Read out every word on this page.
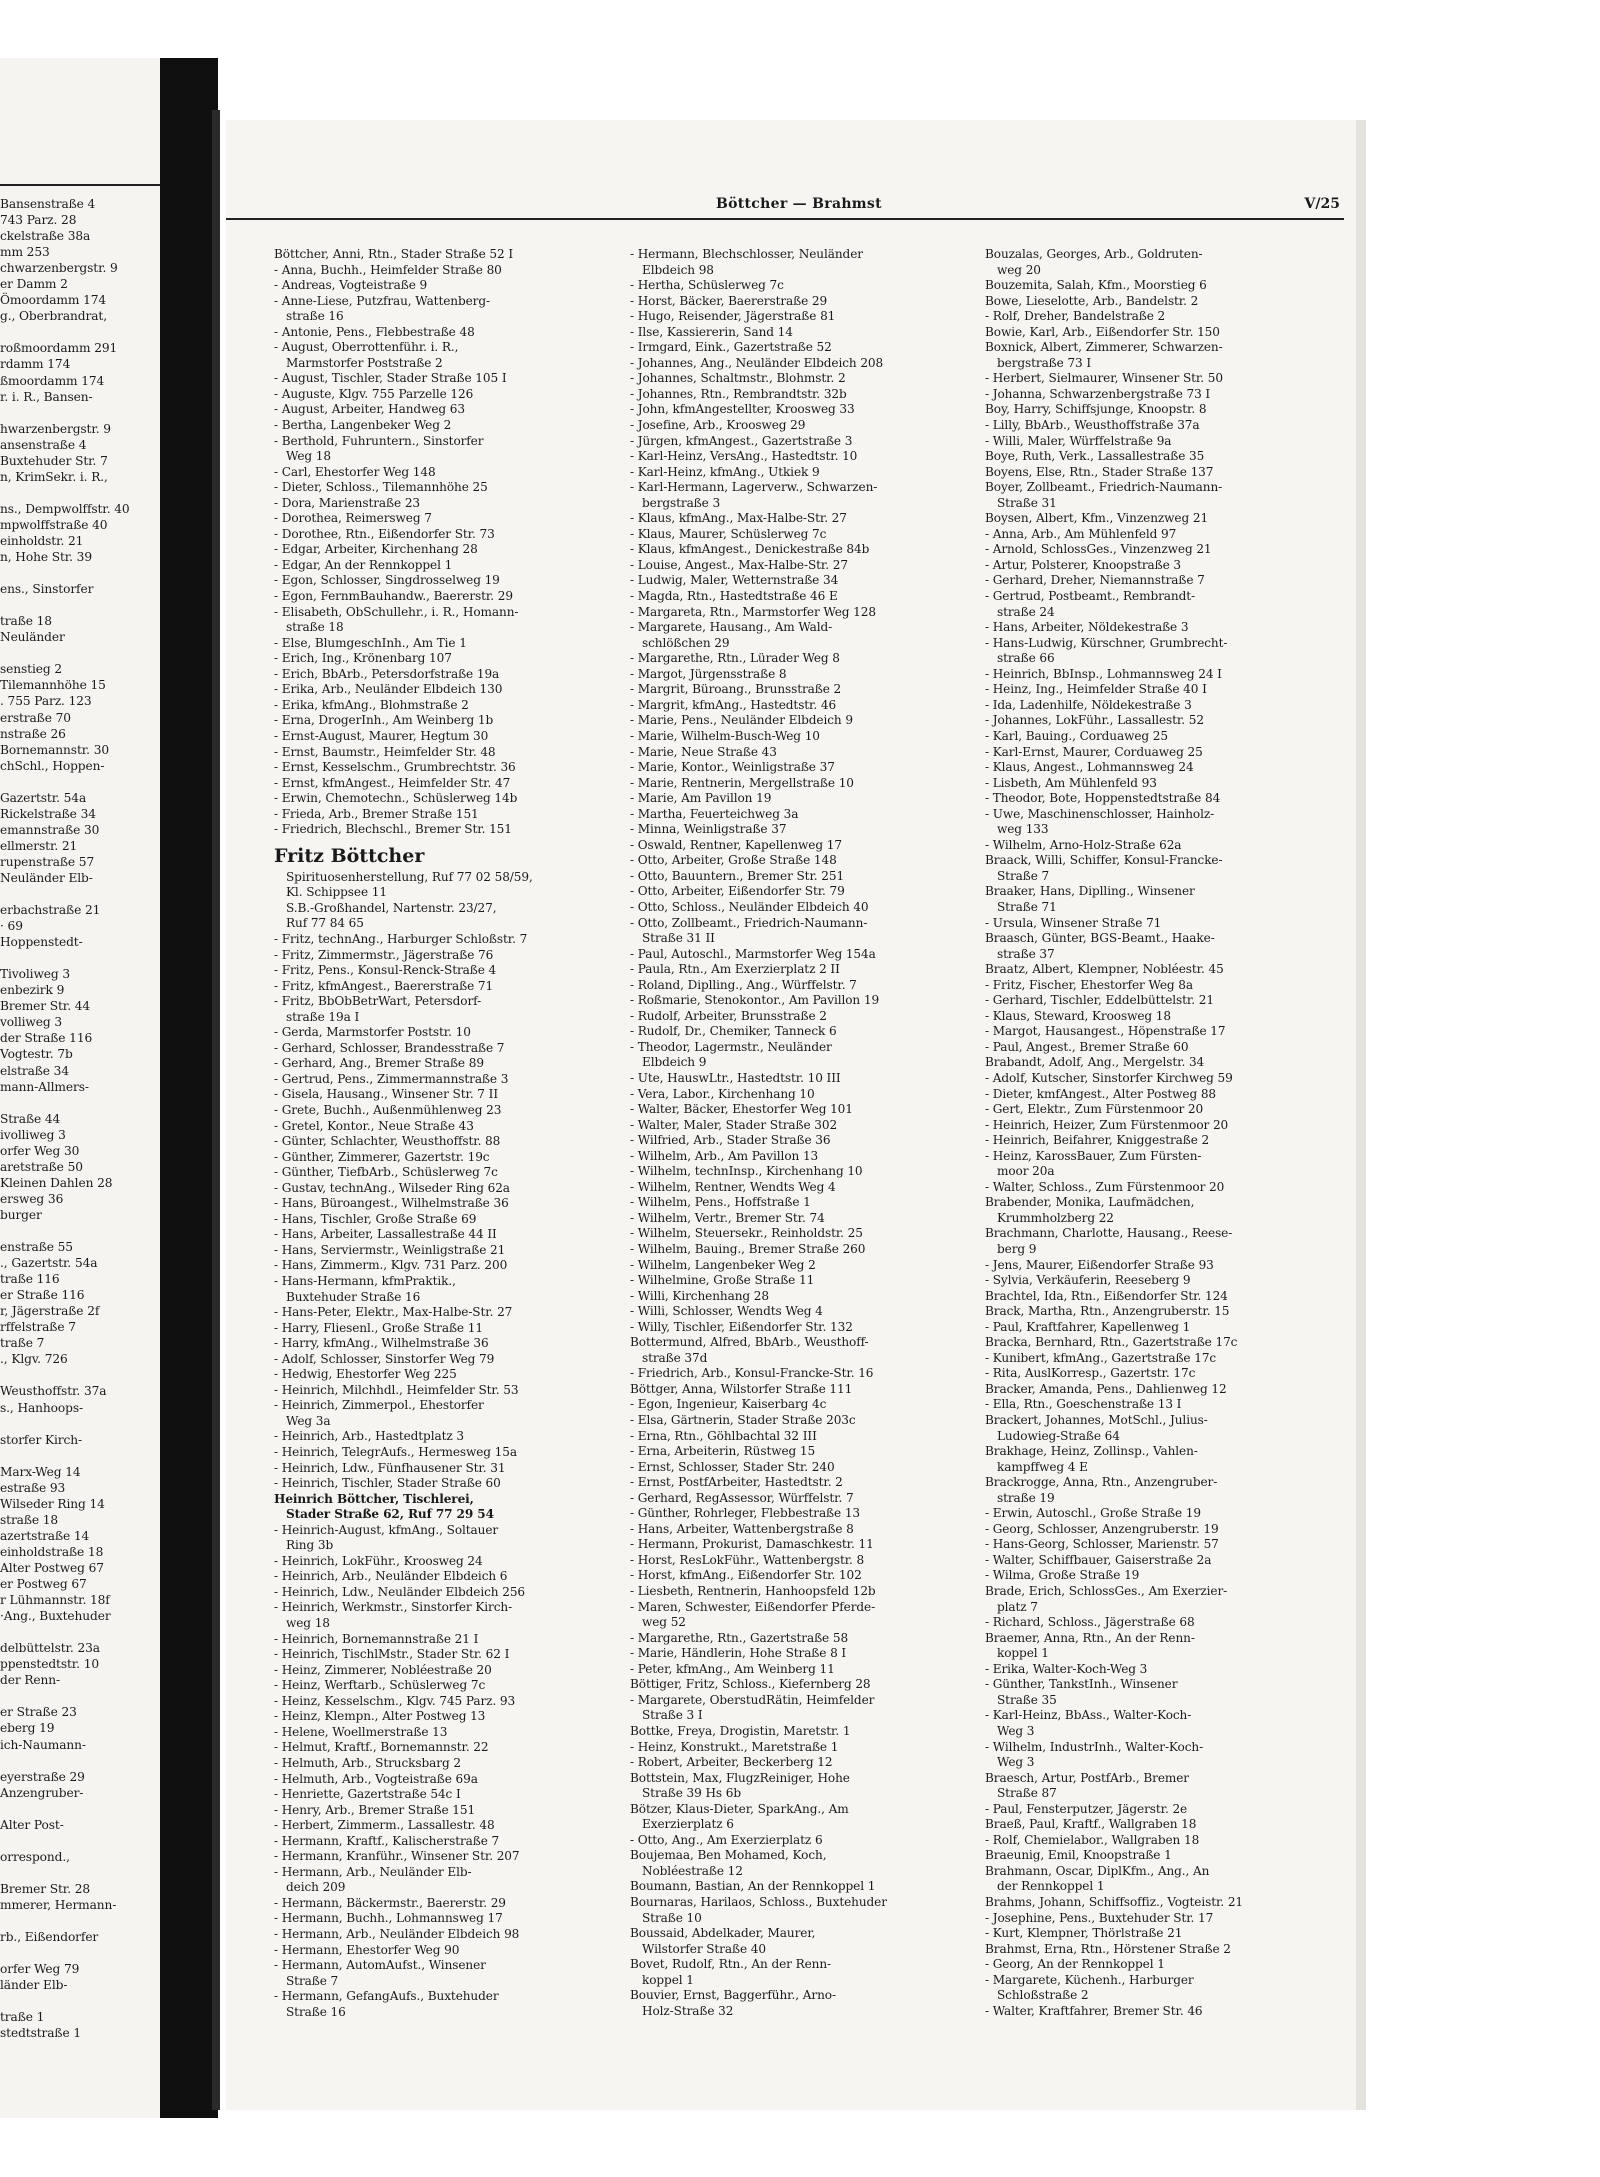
Bansenstraße 4
743 Parz. 28
ckelstraße 38a
mm 253
chwarzenbergstr. 9
er Damm 2
Ömoordamm 174
g., Oberbrandrat,

roßmoordamm 291
rdamm 174
ßmoordamm 174
r. i. R., Bansen-

hwarzenbergstr. 9
ansenstraße 4
Buxtehuder Str. 7
n, KrimSekr. i. R.,

ns., Dempwolffstr. 40
mpwolffstraße 40
einholdstr. 21
n, Hohe Str. 39

ens., Sinstorfer

traße 18
Neuländer

senstieg 2
Tilemannhöhe 15
. 755 Parz. 123
erstraße 70
nstraße 26
Bornemannstr. 30
chSchl., Hoppen-

Gazertstr. 54a
Rickelstraße 34
emannstraße 30
ellmerstr. 21
rupenstraße 57
Neuländer Elb-

erbachstraße 21
· 69
Hoppenstedt-

Tivoliweg 3
enbezirk 9
Bremer Str. 44
volliweg 3
der Straße 116
Vogtestr. 7b
elstraße 34
mann-Allmers-

Straße 44
ivolliweg 3
orfer Weg 30
aretstraße 50
Kleinen Dahlen 28
ersweg 36
burger

enstraße 55
., Gazertstr. 54a
traße 116
er Straße 116
r, Jägerstraße 2f
rffelstraße 7
traße 7
., Klgv. 726

Weusthoffstr. 37a
s., Hanhoops-

storfer Kirch-

Marx-Weg 14
estraße 93
Wilseder Ring 14
straße 18
azertstraße 14
einholdstraße 18
Alter Postweg 67
er Postweg 67
r Lühmannstr. 18f
·Ang., Buxtehuder

delbüttelstr. 23a
ppenstedtstr. 10
der Renn-

er Straße 23
eberg 19
ich-Naumann-

eyerstraße 29
Anzengruber-

Alter Post-

orrespond.,

Bremer Str. 28
mmerer, Hermann-

rb., Eißendorfer

orfer Weg 79
länder Elb-

traße 1
stedtstraße 1
Böttcher — Brahmst	V/25
Böttcher, Anni, Rtn., Stader Straße 52 I
- Anna, Buchh., Heimfelder Straße 80
- Andreas, Vogteistraße 9
- Anne-Liese, Putzfrau, Wattenberg-
straße 16
- Antonie, Pens., Flebbestraße 48
- August, Oberrottenführ. i. R.,
Marmstorfer Poststraße 2
- August, Tischler, Stader Straße 105 I
- Auguste, Klgv. 755 Parzelle 126
- August, Arbeiter, Handweg 63
- Bertha, Langenbeker Weg 2
- Berthold, Fuhruntern., Sinstorfer
Weg 18
- Carl, Ehestorfer Weg 148
- Dieter, Schloss., Tilemannhöhe 25
- Dora, Marienstraße 23
- Dorothea, Reimersweg 7
- Dorothee, Rtn., Eißendorfer Str. 73
- Edgar, Arbeiter, Kirchenhang 28
- Edgar, An der Rennkoppel 1
- Egon, Schlosser, Singdrosselweg 19
- Egon, FernmBauhandw., Baererstr. 29
- Elisabeth, ObSchullehr., i. R., Homann-
straße 18
- Else, BlumgeschInh., Am Tie 1
- Erich, Ing., Krönenbarg 107
- Erich, BbArb., Petersdorfstraße 19a
- Erika, Arb., Neuländer Elbdeich 130
- Erika, kfmAng., Blohmstraße 2
- Erna, DrogerInh., Am Weinberg 1b
- Ernst-August, Maurer, Hegtum 30
- Ernst, Baumstr., Heimfelder Str. 48
- Ernst, Kesselschm., Grumbrechtstr. 36
- Ernst, kfmAngest., Heimfelder Str. 47
- Erwin, Chemotechn., Schüslerweg 14b
- Frieda, Arb., Bremer Straße 151
- Friedrich, Blechschl., Bremer Str. 151
Fritz Böttcher
Spirituosenherstellung, Ruf 77 02 58/59,
Kl. Schippsee 11
S.B.-Großhandel, Nartenstr. 23/27,
Ruf 77 84 65
- Fritz, technAng., Harburger Schloßstr. 7
- Fritz, Zimmermstr., Jägerstraße 76
- Fritz, Pens., Konsul-Renck-Straße 4
- Fritz, kfmAngest., Baererstraße 71
- Fritz, BbObBetrWart, Petersdorf-
straße 19a I
- Gerda, Marmstorfer Poststr. 10
- Gerhard, Schlosser, Brandesstraße 7
- Gerhard, Ang., Bremer Straße 89
- Gertrud, Pens., Zimmermannstraße 3
- Gisela, Hausang., Winsener Str. 7 II
- Grete, Buchh., Außenmühlenweg 23
- Gretel, Kontor., Neue Straße 43
- Günter, Schlachter, Weusthoffstr. 88
- Günther, Zimmerer, Gazertstr. 19c
- Günther, TiefbArb., Schüslerweg 7c
- Gustav, technAng., Wilseder Ring 62a
- Hans, Büroangest., Wilhelmstraße 36
- Hans, Tischler, Große Straße 69
- Hans, Arbeiter, Lassallestraße 44 II
- Hans, Serviermstr., Weinligstraße 21
- Hans, Zimmerm., Klgv. 731 Parz. 200
- Hans-Hermann, kfmPraktik.,
Buxtehuder Straße 16
- Hans-Peter, Elektr., Max-Halbe-Str. 27
- Harry, Fliesenl., Große Straße 11
- Harry, kfmAng., Wilhelmstraße 36
- Adolf, Schlosser, Sinstorfer Weg 79
- Hedwig, Ehestorfer Weg 225
- Heinrich, Milchhdl., Heimfelder Str. 53
- Heinrich, Zimmerpol., Ehestorfer
Weg 3a
- Heinrich, Arb., Hastedtplatz 3
- Heinrich, TelegrAufs., Hermesweg 15a
- Heinrich, Ldw., Fünfhausener Str. 31
- Heinrich, Tischler, Stader Straße 60
Heinrich Böttcher, Tischlerei,
Stader Straße 62, Ruf 77 29 54
- Heinrich-August, kfmAng., Soltauer
Ring 3b
- Heinrich, LokFühr., Kroosweg 24
- Heinrich, Arb., Neuländer Elbdeich 6
- Heinrich, Ldw., Neuländer Elbdeich 256
- Heinrich, Werkmstr., Sinstorfer Kirch-
weg 18
- Heinrich, Bornemannstraße 21 I
- Heinrich, TischlMstr., Stader Str. 62 I
- Heinz, Zimmerer, Nobléestraße 20
- Heinz, Werftarb., Schüslerweg 7c
- Heinz, Kesselschm., Klgv. 745 Parz. 93
- Heinz, Klempn., Alter Postweg 13
- Helene, Woellmerstraße 13
- Helmut, Kraftf., Bornemannstr. 22
- Helmuth, Arb., Strucksbarg 2
- Helmuth, Arb., Vogteistraße 69a
- Henriette, Gazertstraße 54c I
- Henry, Arb., Bremer Straße 151
- Herbert, Zimmerm., Lassallestr. 48
- Hermann, Kraftf., Kalischerstraße 7
- Hermann, Kranführ., Winsener Str. 207
- Hermann, Arb., Neuländer Elb-
deich 209
- Hermann, Bäckermstr., Baererstr. 29
- Hermann, Buchh., Lohmannsweg 17
- Hermann, Arb., Neuländer Elbdeich 98
- Hermann, Ehestorfer Weg 90
- Hermann, AutomAufst., Winsener
Straße 7
- Hermann, GefangAufs., Buxtehuder
Straße 16
- Hermann, Blechschlosser, Neuländer
Elbdeich 98
- Hertha, Schüslerweg 7c
- Horst, Bäcker, Baererstraße 29
- Hugo, Reisender, Jägerstraße 81
- Ilse, Kassiererin, Sand 14
- Irmgard, Eink., Gazertstraße 52
- Johannes, Ang., Neuländer Elbdeich 208
- Johannes, Schaltmstr., Blohmstr. 2
- Johannes, Rtn., Rembrandtstr. 32b
- John, kfmAngestellter, Kroosweg 33
- Josefine, Arb., Kroosweg 29
- Jürgen, kfmAngest., Gazertstraße 3
- Karl-Heinz, VersAng., Hastedtstr. 10
- Karl-Heinz, kfmAng., Utkiek 9
- Karl-Hermann, Lagerverw., Schwarzen-
bergstraße 3
- Klaus, kfmAng., Max-Halbe-Str. 27
- Klaus, Maurer, Schüslerweg 7c
- Klaus, kfmAngest., Denickestraße 84b
- Louise, Angest., Max-Halbe-Str. 27
- Ludwig, Maler, Wetternstraße 34
- Magda, Rtn., Hastedtstraße 46 E
- Margareta, Rtn., Marmstorfer Weg 128
- Margarete, Hausang., Am Wald-
schlößchen 29
- Margarethe, Rtn., Lürader Weg 8
- Margot, Jürgensstraße 8
- Margrit, Büroang., Brunsstraße 2
- Margrit, kfmAng., Hastedtstr. 46
- Marie, Pens., Neuländer Elbdeich 9
- Marie, Wilhelm-Busch-Weg 10
- Marie, Neue Straße 43
- Marie, Kontor., Weinligstraße 37
- Marie, Rentnerin, Mergellstraße 10
- Marie, Am Pavillon 19
- Martha, Feuerteichweg 3a
- Minna, Weinligstraße 37
- Oswald, Rentner, Kapellenweg 17
- Otto, Arbeiter, Große Straße 148
- Otto, Bauuntern., Bremer Str. 251
- Otto, Arbeiter, Eißendorfer Str. 79
- Otto, Schloss., Neuländer Elbdeich 40
- Otto, Zollbeamt., Friedrich-Naumann-
Straße 31 II
- Paul, Autoschl., Marmstorfer Weg 154a
- Paula, Rtn., Am Exerzierplatz 2 II
- Roland, Diplling., Ang., Würffelstr. 7
- Roßmarie, Stenokontor., Am Pavillon 19
- Rudolf, Arbeiter, Brunsstraße 2
- Rudolf, Dr., Chemiker, Tanneck 6
- Theodor, Lagermstr., Neuländer
Elbdeich 9
- Ute, HauswLtr., Hastedtstr. 10 III
- Vera, Labor., Kirchenhang 10
- Walter, Bäcker, Ehestorfer Weg 101
- Walter, Maler, Stader Straße 302
- Wilfried, Arb., Stader Straße 36
- Wilhelm, Arb., Am Pavillon 13
- Wilhelm, technInsp., Kirchenhang 10
- Wilhelm, Rentner, Wendts Weg 4
- Wilhelm, Pens., Hoffstraße 1
- Wilhelm, Vertr., Bremer Str. 74
- Wilhelm, Steuersekr., Reinholdstr. 25
- Wilhelm, Bauing., Bremer Straße 260
- Wilhelm, Langenbeker Weg 2
- Wilhelmine, Große Straße 11
- Willi, Kirchenhang 28
- Willi, Schlosser, Wendts Weg 4
- Willy, Tischler, Eißendorfer Str. 132
Bottermund, Alfred, BbArb., Weusthoff-
straße 37d
- Friedrich, Arb., Konsul-Francke-Str. 16
Böttger, Anna, Wilstorfer Straße 111
- Egon, Ingenieur, Kaiserbarg 4c
- Elsa, Gärtnerin, Stader Straße 203c
- Erna, Rtn., Göhlbachtal 32 III
- Erna, Arbeiterin, Rüstweg 15
- Ernst, Schlosser, Stader Str. 240
- Ernst, PostfArbeiter, Hastedtstr. 2
- Gerhard, RegAssessor, Würffelstr. 7
- Günther, Rohrleger, Flebbestraße 13
- Hans, Arbeiter, Wattenbergstraße 8
- Hermann, Prokurist, Damaschkestr. 11
- Horst, ResLokFühr., Wattenbergstr. 8
- Horst, kfmAng., Eißendorfer Str. 102
- Liesbeth, Rentnerin, Hanhoopsfeld 12b
- Maren, Schwester, Eißendorfer Pferde-
weg 52
- Margarethe, Rtn., Gazertstraße 58
- Marie, Händlerin, Hohe Straße 8 I
- Peter, kfmAng., Am Weinberg 11
Böttiger, Fritz, Schloss., Kiefernberg 28
- Margarete, OberstudRätin, Heimfelder
Straße 3 I
Bottke, Freya, Drogistin, Maretstr. 1
- Heinz, Konstrukt., Maretstraße 1
- Robert, Arbeiter, Beckerberg 12
Bottstein, Max, FlugzReiniger, Hohe
Straße 39 Hs 6b
Bötzer, Klaus-Dieter, SparkAng., Am
Exerzierplatz 6
- Otto, Ang., Am Exerzierplatz 6
Boujemaa, Ben Mohamed, Koch,
Nobléestraße 12
Boumann, Bastian, An der Rennkoppel 1
Bournaras, Harilaos, Schloss., Buxtehuder
Straße 10
Boussaid, Abdelkader, Maurer,
Wilstorfer Straße 40
Bovet, Rudolf, Rtn., An der Renn-
koppel 1
Bouvier, Ernst, Baggerführ., Arno-
Holz-Straße 32
Bouzalas, Georges, Arb., Goldruten-
weg 20
Bouzemita, Salah, Kfm., Moorstieg 6
Bowe, Lieselotte, Arb., Bandelstr. 2
- Rolf, Dreher, Bandelstraße 2
Bowie, Karl, Arb., Eißendorfer Str. 150
Boxnick, Albert, Zimmerer, Schwarzen-
bergstraße 73 I
- Herbert, Sielmaurer, Winsener Str. 50
- Johanna, Schwarzenbergstraße 73 I
Boy, Harry, Schiffsjunge, Knoopstr. 8
- Lilly, BbArb., Weusthoffstraße 37a
- Willi, Maler, Würffelstraße 9a
Boye, Ruth, Verk., Lassallestraße 35
Boyens, Else, Rtn., Stader Straße 137
Boyer, Zollbeamt., Friedrich-Naumann-
Straße 31
Boysen, Albert, Kfm., Vinzenzweg 21
- Anna, Arb., Am Mühlenfeld 97
- Arnold, SchlossGes., Vinzenzweg 21
- Artur, Polsterer, Knoopstraße 3
- Gerhard, Dreher, Niemannstraße 7
- Gertrud, Postbeamt., Rembrandt-
straße 24
- Hans, Arbeiter, Nöldekestraße 3
- Hans-Ludwig, Kürschner, Grumbrecht-
straße 66
- Heinrich, BbInsp., Lohmannsweg 24 I
- Heinz, Ing., Heimfelder Straße 40 I
- Ida, Ladenhilfe, Nöldekestraße 3
- Johannes, LokFühr., Lassallestr. 52
- Karl, Bauing., Corduaweg 25
- Karl-Ernst, Maurer, Corduaweg 25
- Klaus, Angest., Lohmannsweg 24
- Lisbeth, Am Mühlenfeld 93
- Theodor, Bote, Hoppenstedtstraße 84
- Uwe, Maschinenschlosser, Hainholz-
weg 133
- Wilhelm, Arno-Holz-Straße 62a
Braack, Willi, Schiffer, Konsul-Francke-
Straße 7
Braaker, Hans, Diplling., Winsener
Straße 71
- Ursula, Winsener Straße 71
Braasch, Günter, BGS-Beamt., Haake-
straße 37
Braatz, Albert, Klempner, Nobléestr. 45
- Fritz, Fischer, Ehestorfer Weg 8a
- Gerhard, Tischler, Eddelbüttelstr. 21
- Klaus, Steward, Kroosweg 18
- Margot, Hausangest., Höpenstraße 17
- Paul, Angest., Bremer Straße 60
Brabandt, Adolf, Ang., Mergelstr. 34
- Adolf, Kutscher, Sinstorfer Kirchweg 59
- Dieter, kmfAngest., Alter Postweg 88
- Gert, Elektr., Zum Fürstenmoor 20
- Heinrich, Heizer, Zum Fürstenmoor 20
- Heinrich, Beifahrer, Kniggestraße 2
- Heinz, KarossBauer, Zum Fürsten-
moor 20a
- Walter, Schloss., Zum Fürstenmoor 20
Brabender, Monika, Laufmädchen,
Krummholzberg 22
Brachmann, Charlotte, Hausang., Reese-
berg 9
- Jens, Maurer, Eißendorfer Straße 93
- Sylvia, Verkäuferin, Reeseberg 9
Brachtel, Ida, Rtn., Eißendorfer Str. 124
Brack, Martha, Rtn., Anzengruberstr. 15
- Paul, Kraftfahrer, Kapellenweg 1
Bracka, Bernhard, Rtn., Gazertstraße 17c
- Kunibert, kfmAng., Gazertstraße 17c
- Rita, AuslKorresp., Gazertstr. 17c
Bracker, Amanda, Pens., Dahlienweg 12
- Ella, Rtn., Goeschenstraße 13 I
Brackert, Johannes, MotSchl., Julius-
Ludowieg-Straße 64
Brakhage, Heinz, Zollinsp., Vahlen-
kampffweg 4 E
Brackrogge, Anna, Rtn., Anzengruber-
straße 19
- Erwin, Autoschl., Große Straße 19
- Georg, Schlosser, Anzengruberstr. 19
- Hans-Georg, Schlosser, Marienstr. 57
- Walter, Schiffbauer, Gaiserstraße 2a
- Wilma, Große Straße 19
Brade, Erich, SchlossGes., Am Exerzier-
platz 7
- Richard, Schloss., Jägerstraße 68
Braemer, Anna, Rtn., An der Renn-
koppel 1
- Erika, Walter-Koch-Weg 3
- Günther, TankstInh., Winsener
Straße 35
- Karl-Heinz, BbAss., Walter-Koch-
Weg 3
- Wilhelm, IndustrInh., Walter-Koch-
Weg 3
Braesch, Artur, PostfArb., Bremer
Straße 87
- Paul, Fensterputzer, Jägerstr. 2e
Braeß, Paul, Kraftf., Wallgraben 18
- Rolf, Chemielabor., Wallgraben 18
Braeunig, Emil, Knoopstraße 1
Brahmann, Oscar, DiplKfm., Ang., An
der Rennkoppel 1
Brahms, Johann, Schiffsoffiz., Vogteistr. 21
- Josephine, Pens., Buxtehuder Str. 17
- Kurt, Klempner, Thörlstraße 21
Brahmst, Erna, Rtn., Hörstener Straße 2
- Georg, An der Rennkoppel 1
- Margarete, Küchenh., Harburger
Schloßstraße 2
- Walter, Kraftfahrer, Bremer Str. 46
